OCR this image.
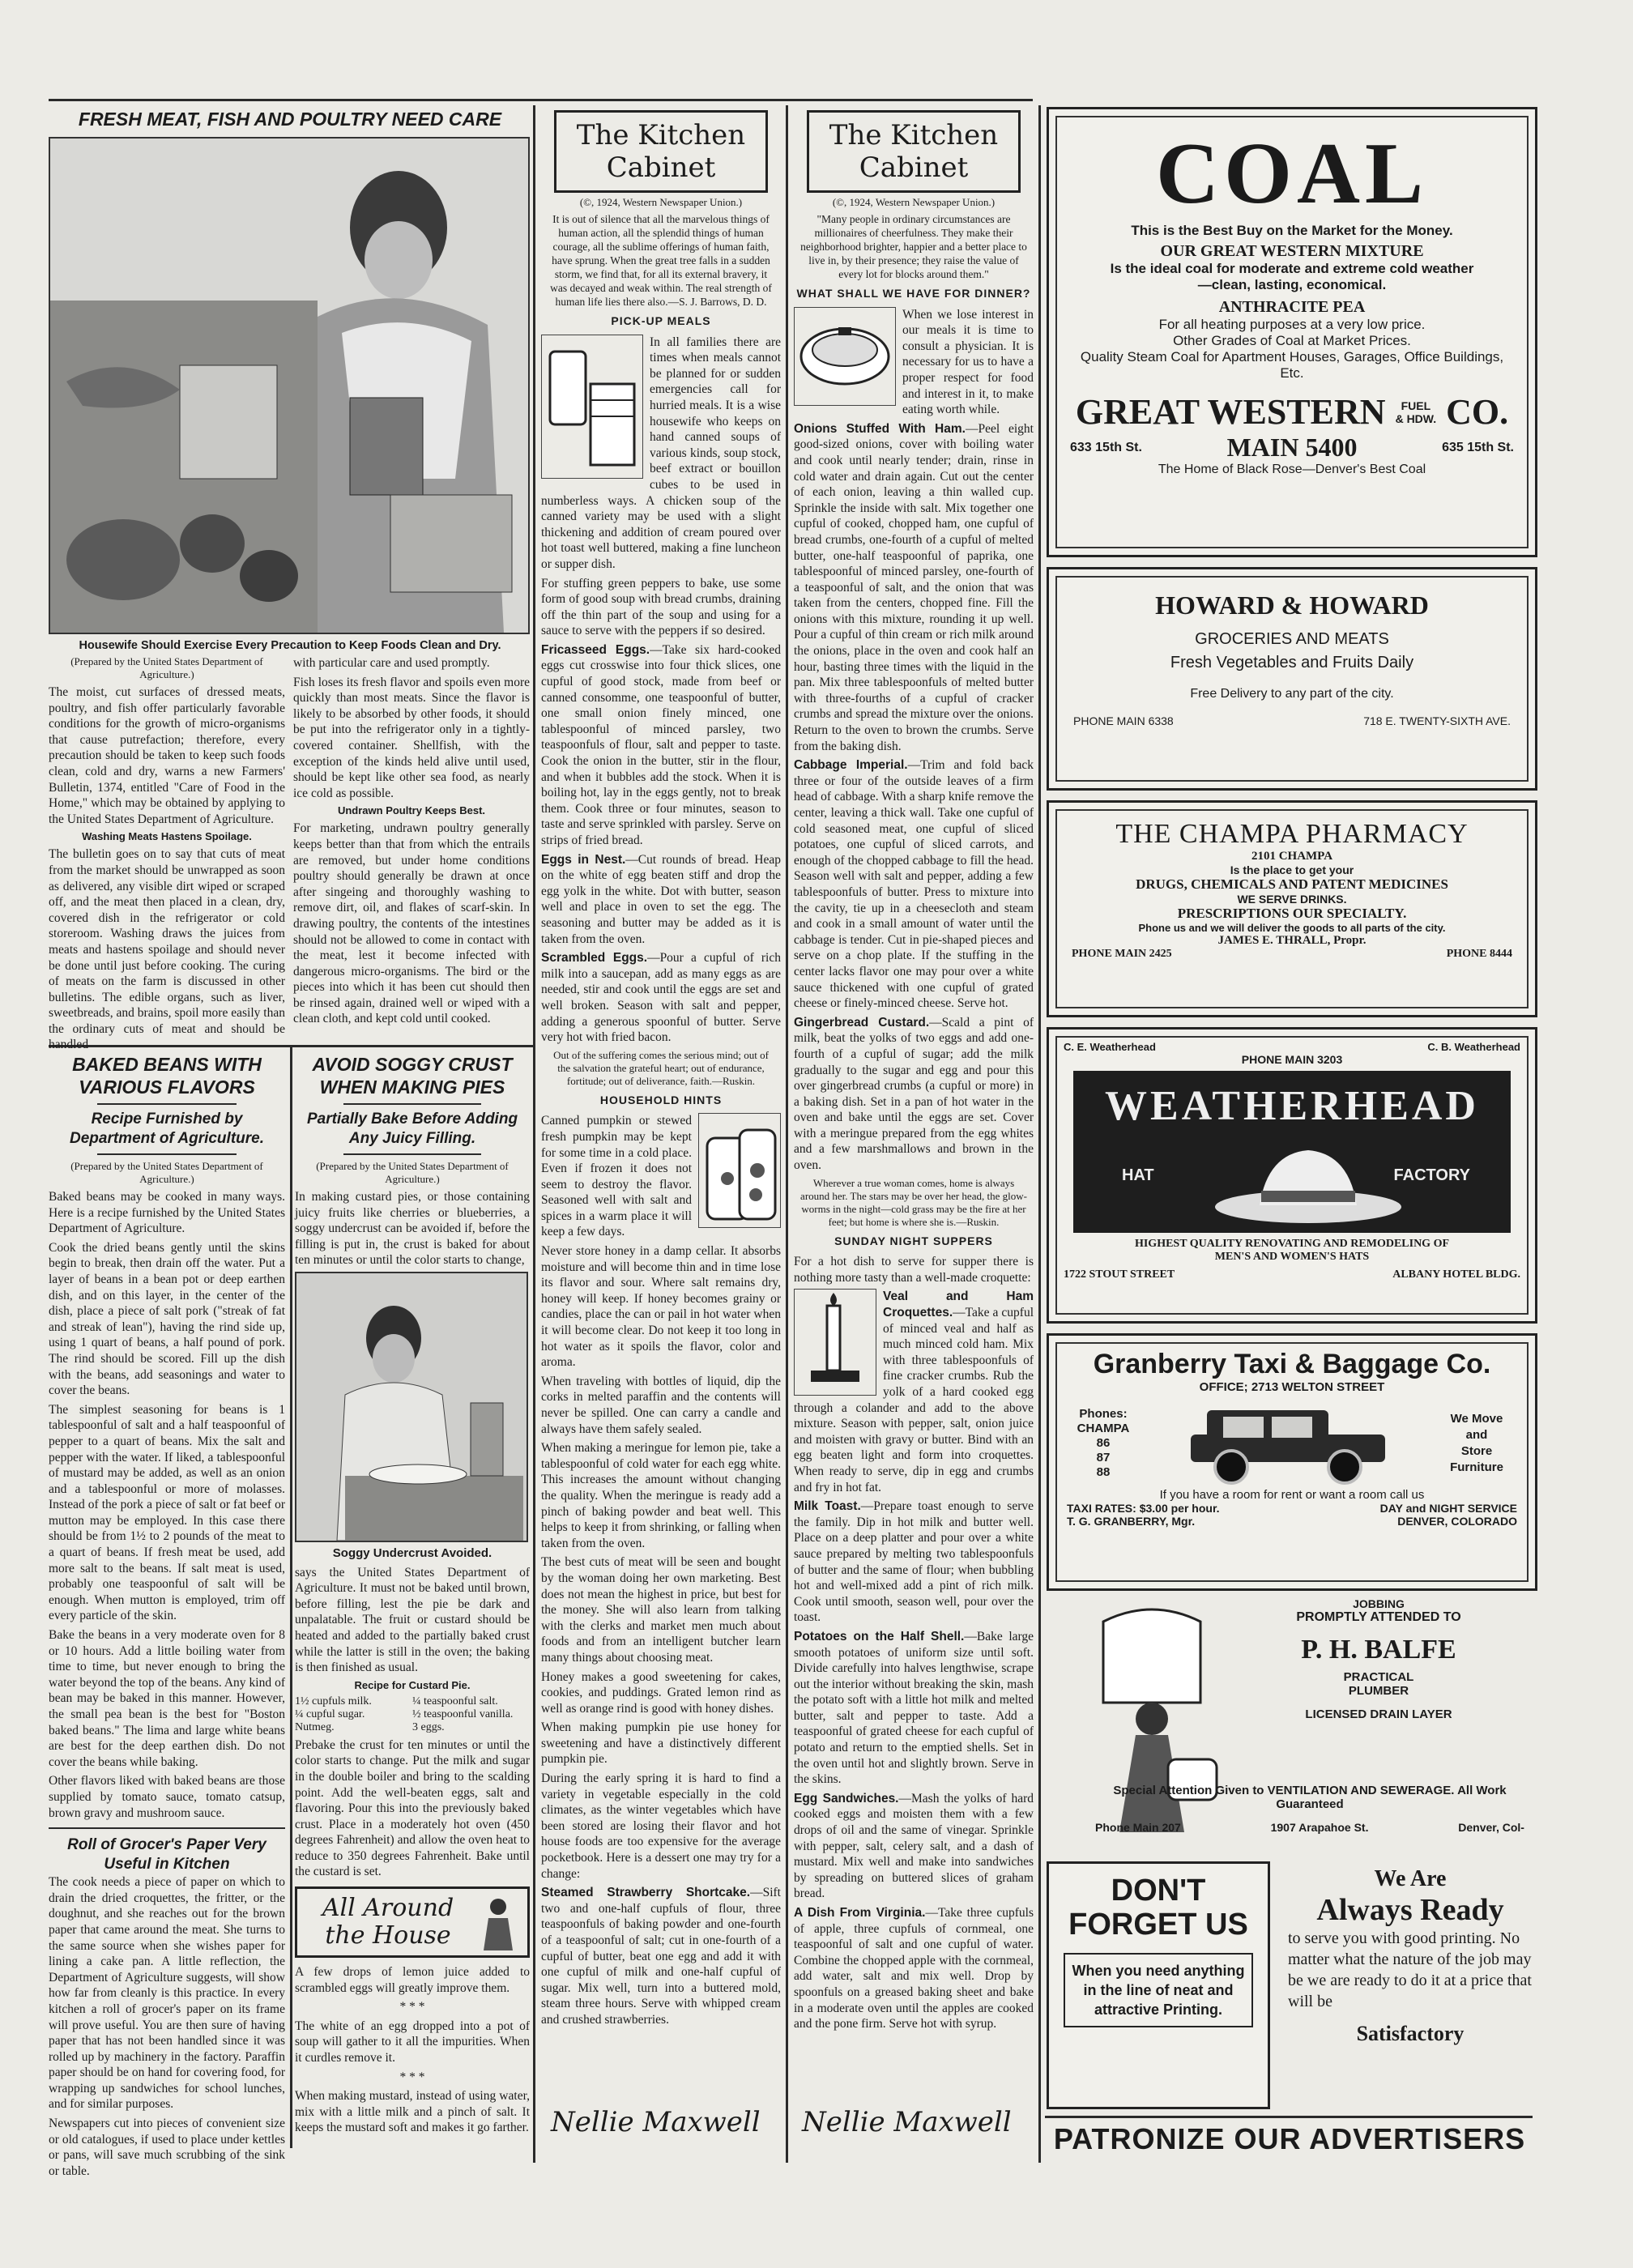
FRESH MEAT, FISH AND POULTRY NEED CARE
Housewife Should Exercise Every Precaution to Keep Foods Clean and Dry.

(Prepared by the United States Department of Agriculture.)

The moist, cut surfaces of dressed meats, poultry, and fish offer particularly favorable conditions for the growth of micro-organisms that cause putrefaction; therefore, every precaution should be taken to keep such foods clean, cold and dry, warns a new Farmers' Bulletin, 1374, entitled "Care of Food in the Home," which may be obtained by applying to the United States Department of Agriculture.

Washing Meats Hastens Spoilage.

The bulletin goes on to say that cuts of meat from the market should be unwrapped as soon as delivered, any visible dirt wiped or scraped off, and the meat then placed in a clean, dry, covered dish in the refrigerator or cold storeroom. Washing draws the juices from meats and hastens spoilage and should never be done until just before cooking. The curing of meats on the farm is discussed in other bulletins. The edible organs, such as liver, sweetbreads, and brains, spoil more easily than the ordinary cuts of meat and should be handled

with particular care and used promptly.

Fish loses its fresh flavor and spoils even more quickly than most meats. Since the flavor is likely to be absorbed by other foods, it should be put into the refrigerator only in a tightly-covered container. Shellfish, with the exception of the kinds held alive until used, should be kept like other sea food, as nearly ice cold as possible.

Undrawn Poultry Keeps Best.

For marketing, undrawn poultry generally keeps better than that from which the entrails are removed, but under home conditions poultry should generally be drawn at once after singeing and thoroughly washing to remove dirt, oil, and flakes of scarf-skin. In drawing poultry, the contents of the intestines should not be allowed to come in contact with the meat, lest it become infected with dangerous micro-organisms. The bird or the pieces into which it has been cut should then be rinsed again, drained well or wiped with a clean cloth, and kept cold until cooked.

BAKED BEANS WITH VARIOUS FLAVORS
Recipe Furnished by Department of Agriculture.

(Prepared by the United States Department of Agriculture.)

Baked beans may be cooked in many ways. Here is a recipe furnished by the United States Department of Agriculture.

Cook the dried beans gently until the skins begin to break, then drain off the water. Put a layer of beans in a bean pot or deep earthen dish, and on this layer, in the center of the dish, place a piece of salt pork ("streak of fat and streak of lean"), having the rind side up, using 1 quart of beans, a half pound of pork. The rind should be scored. Fill up the dish with the beans, add seasonings and water to cover the beans.

The simplest seasoning for beans is 1 tablespoonful of salt and a half teaspoonful of pepper to a quart of beans. Mix the salt and pepper with the water. If liked, a tablespoonful of mustard may be added, as well as an onion and a tablespoonful or more of molasses. Instead of the pork a piece of salt or fat beef or mutton may be employed. In this case there should be from 1½ to 2 pounds of the meat to a quart of beans. If fresh meat be used, add more salt to the beans. If salt meat is used, probably one teaspoonful of salt will be enough. When mutton is employed, trim off every particle of the skin.

Bake the beans in a very moderate oven for 8 or 10 hours. Add a little boiling water from time to time, but never enough to bring the water beyond the top of the beans. Any kind of bean may be baked in this manner. However, the small pea bean is the best for "Boston baked beans." The lima and large white beans are best for the deep earthen dish. Do not cover the beans while baking.

Other flavors liked with baked beans are those supplied by tomato sauce, tomato catsup, brown gravy and mushroom sauce.

Roll of Grocer's Paper Very Useful in Kitchen

The cook needs a piece of paper on which to drain the dried croquettes, the fritter, or the doughnut, and she reaches out for the brown paper that came around the meat. She turns to the same source when she wishes paper for lining a cake pan. A little reflection, the Department of Agriculture suggests, will show how far from cleanly is this practice. In every kitchen a roll of grocer's paper on its frame will prove useful. You are then sure of having paper that has not been handled since it was rolled up by machinery in the factory. Paraffin paper should be on hand for covering food, for wrapping up sandwiches for school lunches, and for similar purposes.

Newspapers cut into pieces of convenient size or old catalogues, if used to place under kettles or pans, will save much scrubbing of the sink or table.

AVOID SOGGY CRUST WHEN MAKING PIES
Partially Bake Before Adding Any Juicy Filling.

(Prepared by the United States Department of Agriculture.)

In making custard pies, or those containing juicy fruits like cherries or blueberries, a soggy undercrust can be avoided if, before the filling is put in, the crust is baked for about ten minutes or until the color starts to change,

Soggy Undercrust Avoided.

says the United States Department of Agriculture. It must not be baked until brown, before filling, lest the pie be dark and unpalatable. The fruit or custard should be heated and added to the partially baked crust while the latter is still in the oven; the baking is then finished as usual.

Recipe for Custard Pie.

1½ cupfuls milk.	¼ teaspoonful salt.
¼ cupful sugar.	½ teaspoonful vanilla.
Nutmeg.	3 eggs.

Prebake the crust for ten minutes or until the color starts to change. Put the milk and sugar in the double boiler and bring to the scalding point. Add the well-beaten eggs, salt and flavoring. Pour this into the previously baked crust. Place in a moderately hot oven (450 degrees Fahrenheit) and allow the oven heat to reduce to 350 degrees Fahrenheit. Bake until the custard is set.

All Around
the House

A few drops of lemon juice added to scrambled eggs will greatly improve them.

* * *

The white of an egg dropped into a pot of soup will gather to it all the impurities. When it curdles remove it.

* * *

When making mustard, instead of using water, mix with a little milk and a pinch of salt. It keeps the mustard soft and makes it go farther.

The Kitchen
Cabinet

(©, 1924, Western Newspaper Union.)

It is out of silence that all the marvelous things of human action, all the splendid things of human courage, all the sublime offerings of human faith, have sprung. When the great tree falls in a sudden storm, we find that, for all its external bravery, it was decayed and weak within. The real strength of human life lies there also.—S. J. Barrows, D. D.

PICK-UP MEALS

In all families there are times when meals cannot be planned for or sudden emergencies call for hurried meals. It is a wise housewife who keeps on hand canned soups of various kinds, soup stock, beef extract or bouillon cubes to be used in numberless ways. A chicken soup of the canned variety may be used with a slight thickening and addition of cream poured over hot toast well buttered, making a fine luncheon or supper dish.

For stuffing green peppers to bake, use some form of good soup with bread crumbs, draining off the thin part of the soup and using for a sauce to serve with the peppers if so desired.

Fricasseed Eggs.—Take six hard-cooked eggs cut crosswise into four thick slices, one cupful of good stock, made from beef or canned consomme, one teaspoonful of butter, one small onion finely minced, one tablespoonful of minced parsley, two teaspoonfuls of flour, salt and pepper to taste. Cook the onion in the butter, stir in the flour, and when it bubbles add the stock. When it is boiling hot, lay in the eggs gently, not to break them. Cook three or four minutes, season to taste and serve sprinkled with parsley. Serve on strips of fried bread.

Eggs in Nest.—Cut rounds of bread. Heap on the white of egg beaten stiff and drop the egg yolk in the white. Dot with butter, season well and place in oven to set the egg. The seasoning and butter may be added as it is taken from the oven.

Scrambled Eggs.—Pour a cupful of rich milk into a saucepan, add as many eggs as are needed, stir and cook until the eggs are set and well broken. Season with salt and pepper, adding a generous spoonful of butter. Serve very hot with fried bacon.

Out of the suffering comes the serious mind; out of the salvation the grateful heart; out of endurance, fortitude; out of deliverance, faith.—Ruskin.

HOUSEHOLD HINTS

Canned pumpkin or stewed fresh pumpkin may be kept for some time in a cold place. Even if frozen it does not seem to destroy the flavor. Seasoned well with salt and spices in a warm place it will keep a few days.

Never store honey in a damp cellar. It absorbs moisture and will become thin and in time lose its flavor and sour. Where salt remains dry, honey will keep. If honey becomes grainy or candies, place the can or pail in hot water when it will become clear. Do not keep it too long in hot water as it spoils the flavor, color and aroma.

When traveling with bottles of liquid, dip the corks in melted paraffin and the contents will never be spilled. One can carry a candle and always have them safely sealed.

When making a meringue for lemon pie, take a tablespoonful of cold water for each egg white. This increases the amount without changing the quality. When the meringue is ready add a pinch of baking powder and beat well. This helps to keep it from shrinking, or falling when taken from the oven.

The best cuts of meat will be seen and bought by the woman doing her own marketing. Best does not mean the highest in price, but best for the money. She will also learn from talking with the clerks and market men much about foods and from an intelligent butcher learn many things about choosing meat.

Honey makes a good sweetening for cakes, cookies, and puddings. Grated lemon rind as well as orange rind is good with honey dishes.

When making pumpkin pie use honey for sweetening and have a distinctively different pumpkin pie.

During the early spring it is hard to find a variety in vegetable especially in the cold climates, as the winter vegetables which have been stored are losing their flavor and hot house foods are too expensive for the average pocketbook. Here is a dessert one may try for a change:

Steamed Strawberry Shortcake.—Sift two and one-half cupfuls of flour, three teaspoonfuls of baking powder and one-fourth of a teaspoonful of salt; cut in one-fourth of a cupful of butter, beat one egg and add it with one cupful of milk and one-half cupful of sugar. Mix well, turn into a buttered mold, steam three hours. Serve with whipped cream and crushed strawberries.

Nellie Maxwell
The Kitchen
Cabinet

(©, 1924, Western Newspaper Union.)

"Many people in ordinary circumstances are millionaires of cheerfulness. They make their neighborhood brighter, happier and a better place to live in, by their presence; they raise the value of every lot for blocks around them."

WHAT SHALL WE HAVE FOR DINNER?

When we lose interest in our meals it is time to consult a physician. It is necessary for us to have a proper respect for food and interest in it, to make eating worth while.

Onions Stuffed With Ham.—Peel eight good-sized onions, cover with boiling water and cook until nearly tender; drain, rinse in cold water and drain again. Cut out the center of each onion, leaving a thin walled cup. Sprinkle the inside with salt. Mix together one cupful of cooked, chopped ham, one cupful of bread crumbs, one-fourth of a cupful of melted butter, one-half teaspoonful of paprika, one tablespoonful of minced parsley, one-fourth of a teaspoonful of salt, and the onion that was taken from the centers, chopped fine. Fill the onions with this mixture, rounding it up well. Pour a cupful of thin cream or rich milk around the onions, place in the oven and cook half an hour, basting three times with the liquid in the pan. Mix three tablespoonfuls of melted butter with three-fourths of a cupful of cracker crumbs and spread the mixture over the onions. Return to the oven to brown the crumbs. Serve from the baking dish.

Cabbage Imperial.—Trim and fold back three or four of the outside leaves of a firm head of cabbage. With a sharp knife remove the center, leaving a thick wall. Take one cupful of cold seasoned meat, one cupful of sliced potatoes, one cupful of sliced carrots, and enough of the chopped cabbage to fill the head. Season well with salt and pepper, adding a few tablespoonfuls of butter. Press to mixture into the cavity, tie up in a cheesecloth and steam and cook in a small amount of water until the cabbage is tender. Cut in pie-shaped pieces and serve on a chop plate. If the stuffing in the center lacks flavor one may pour over a white sauce thickened with one cupful of grated cheese or finely-minced cheese. Serve hot.

Gingerbread Custard.—Scald a pint of milk, beat the yolks of two eggs and add one-fourth of a cupful of sugar; add the milk gradually to the sugar and egg and pour this over gingerbread crumbs (a cupful or more) in a baking dish. Set in a pan of hot water in the oven and bake until the eggs are set. Cover with a meringue prepared from the egg whites and a few marshmallows and brown in the oven.

Wherever a true woman comes, home is always around her. The stars may be over her head, the glow-worms in the night—cold grass may be the fire at her feet; but home is where she is.—Ruskin.

SUNDAY NIGHT SUPPERS

For a hot dish to serve for supper there is nothing more tasty than a well-made croquette:

Veal and Ham Croquettes.—Take a cupful of minced veal and half as much minced cold ham. Mix with three tablespoonfuls of fine cracker crumbs. Rub the yolk of a hard cooked egg through a colander and add to the above mixture. Season with pepper, salt, onion juice and moisten with gravy or butter. Bind with an egg beaten light and form into croquettes. When ready to serve, dip in egg and crumbs and fry in hot fat.

Milk Toast.—Prepare toast enough to serve the family. Dip in hot milk and butter well. Place on a deep platter and pour over a white sauce prepared by melting two tablespoonfuls of butter and the same of flour; when bubbling hot and well-mixed add a pint of rich milk. Cook until smooth, season well, pour over the toast.

Potatoes on the Half Shell.—Bake large smooth potatoes of uniform size until soft. Divide carefully into halves lengthwise, scrape out the interior without breaking the skin, mash the potato soft with a little hot milk and melted butter, salt and pepper to taste. Add a teaspoonful of grated cheese for each cupful of potato and return to the emptied shells. Set in the oven until hot and slightly brown. Serve in the skins.

Egg Sandwiches.—Mash the yolks of hard cooked eggs and moisten them with a few drops of oil and the same of vinegar. Sprinkle with pepper, salt, celery salt, and a dash of mustard. Mix well and make into sandwiches by spreading on buttered slices of graham bread.

A Dish From Virginia.—Take three cupfuls of apple, three cupfuls of cornmeal, one teaspoonful of salt and one cupful of water. Combine the chopped apple with the cornmeal, add water, salt and mix well. Drop by spoonfuls on a greased baking sheet and bake in a moderate oven until the apples are cooked and the pone firm. Serve hot with syrup.

Nellie Maxwell
COAL
This is the Best Buy on the Market for the Money.
OUR GREAT WESTERN MIXTURE
Is the ideal coal for moderate and extreme cold weather
—clean, lasting, economical.
ANTHRACITE PEA
For all heating purposes at a very low price.
Other Grades of Coal at Market Prices.
Quality Steam Coal for Apartment Houses, Garages, Office Buildings, Etc.
GREAT WESTERN	FUEL
& HDW. CO.
633 15th St.	MAIN 5400	635 15th St.
The Home of Black Rose—Denver's Best Coal
HOWARD & HOWARD
GROCERIES AND MEATS
Fresh Vegetables and Fruits Daily
Free Delivery to any part of the city.
PHONE MAIN 6338	718 E. TWENTY-SIXTH AVE.
THE CHAMPA PHARMACY
2101 CHAMPA
Is the place to get your
DRUGS, CHEMICALS AND PATENT MEDICINES
WE SERVE DRINKS.
PRESCRIPTIONS OUR SPECIALTY.
Phone us and we will deliver the goods to all parts of the city.
JAMES E. THRALL, Propr.
PHONE MAIN 2425	PHONE 8444
C. E. Weatherhead	C. B. Weatherhead
PHONE MAIN 3203
WEATHERHEAD
HAT	FACTORY
HIGHEST QUALITY RENOVATING AND REMODELING OF
MEN'S AND WOMEN'S HATS
1722 STOUT STREET	ALBANY HOTEL BLDG.
Granberry Taxi & Baggage Co.
OFFICE; 2713 WELTON STREET
Phones:
CHAMPA
86
87
88
We Move
and
Store
Furniture
If you have a room for rent or want a room call us
TAXI RATES: $3.00 per hour.	DAY and NIGHT SERVICE
T. G. GRANBERRY, Mgr.	DENVER, COLORADO
JOBBING
PROMPTLY ATTENDED TO
P. H. BALFE
PRACTICAL
PLUMBER
LICENSED DRAIN LAYER
Special Attention Given to VENTILATION AND SEWERAGE. All Work Guaranteed
Phone Main 207	1907 Arapahoe St.	Denver, Col-
DON'T FORGET US
When you need anything in the line of neat and attractive Printing.
We Are
Always Ready
to serve you with good printing. No matter what the nature of the job may be we are ready to do it at a price that will be
Satisfactory
PATRONIZE OUR ADVERTISERS
